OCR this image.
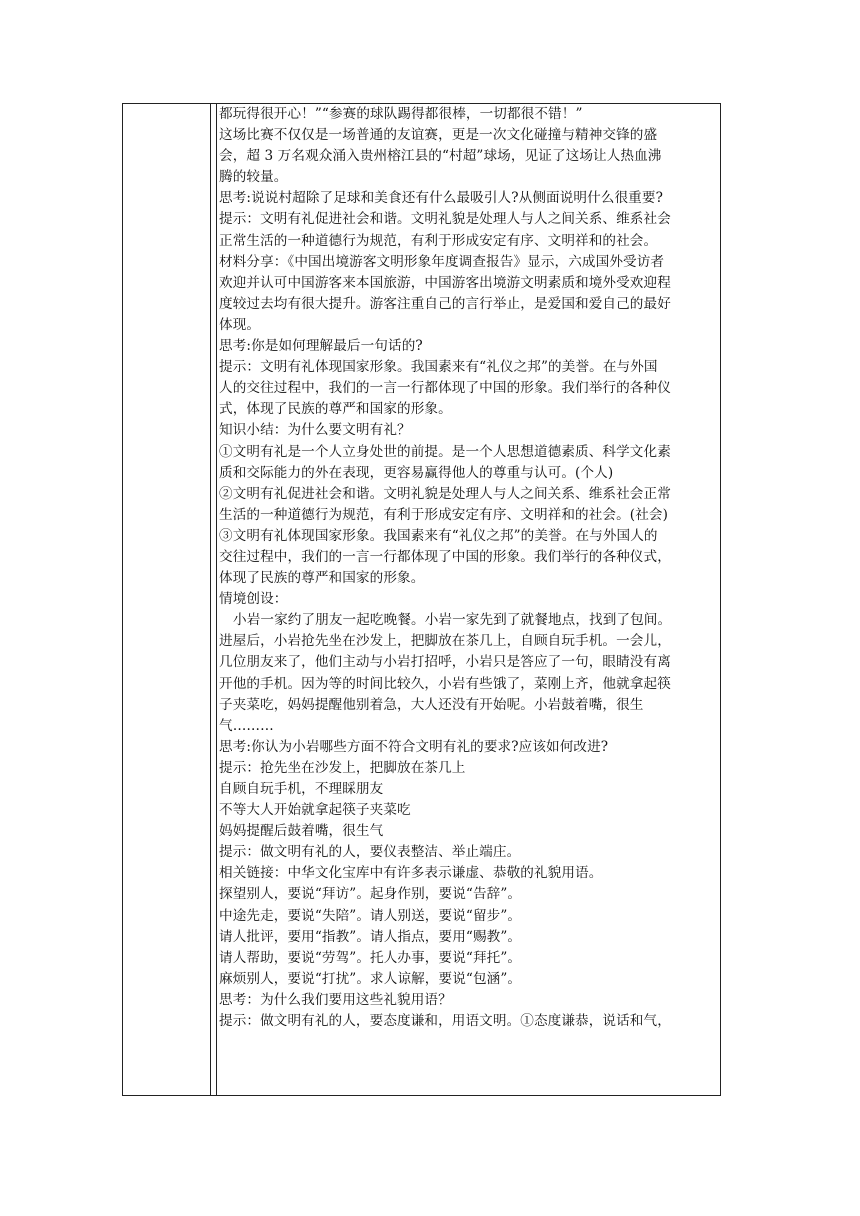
都玩得很开心！”“参赛的球队踢得都很棒，一切都很不错！”
这场比赛不仅仅是一场普通的友谊赛，更是一次文化碰撞与精神交锋的盛
会，超 3 万名观众涌入贵州榕江县的“村超”球场，见证了这场让人热血沸
腾的较量。
思考:说说村超除了足球和美食还有什么最吸引人?从侧面说明什么很重要?
提示：文明有礼促进社会和谐。文明礼貌是处理人与人之间关系、维系社会
正常生活的一种道德行为规范，有利于形成安定有序、文明祥和的社会。
材料分享：《中国出境游客文明形象年度调查报告》显示，六成国外受访者
欢迎并认可中国游客来本国旅游，中国游客出境游文明素质和境外受欢迎程
度较过去均有很大提升。游客注重自己的言行举止，是爱国和爱自己的最好
体现。
思考:你是如何理解最后一句话的?
提示：文明有礼体现国家形象。我国素来有“礼仪之邦”的美誉。在与外国
人的交往过程中，我们的一言一行都体现了中国的形象。我们举行的各种仪
式，体现了民族的尊严和国家的形象。
知识小结：为什么要文明有礼？
①文明有礼是一个人立身处世的前提。是一个人思想道德素质、科学文化素
质和交际能力的外在表现，更容易赢得他人的尊重与认可。(个人)
②文明有礼促进社会和谐。文明礼貌是处理人与人之间关系、维系社会正常
生活的一种道德行为规范，有利于形成安定有序、文明祥和的社会。(社会)
③文明有礼体现国家形象。我国素来有“礼仪之邦”的美誉。在与外国人的
交往过程中，我们的一言一行都体现了中国的形象。我们举行的各种仪式，
体现了民族的尊严和国家的形象。
情境创设：
小岩一家约了朋友一起吃晚餐。小岩一家先到了就餐地点，找到了包间。
进屋后，小岩抢先坐在沙发上，把脚放在茶几上，自顾自玩手机。一会儿，
几位朋友来了，他们主动与小岩打招呼，小岩只是答应了一句，眼睛没有离
开他的手机。因为等的时间比较久，小岩有些饿了，菜刚上齐，他就拿起筷
子夹菜吃，妈妈提醒他别着急，大人还没有开始呢。小岩鼓着嘴，很生
气………
思考:你认为小岩哪些方面不符合文明有礼的要求?应该如何改进?
提示：抢先坐在沙发上，把脚放在茶几上
自顾自玩手机，不理睬朋友
不等大人开始就拿起筷子夹菜吃
妈妈提醒后鼓着嘴，很生气
提示：做文明有礼的人，要仪表整洁、举止端庄。
相关链接：中华文化宝库中有许多表示谦虚、恭敬的礼貌用语。
探望别人，要说“拜访”。起身作别，要说“告辞”。
中途先走，要说“失陪”。请人别送，要说“留步”。
请人批评，要用“指教”。请人指点，要用“赐教”。
请人帮助，要说“劳驾”。托人办事，要说“拜托”。
麻烦别人，要说“打扰”。求人谅解，要说“包涵”。
思考：为什么我们要用这些礼貌用语？
提示：做文明有礼的人，要态度谦和，用语文明。①态度谦恭，说话和气，
